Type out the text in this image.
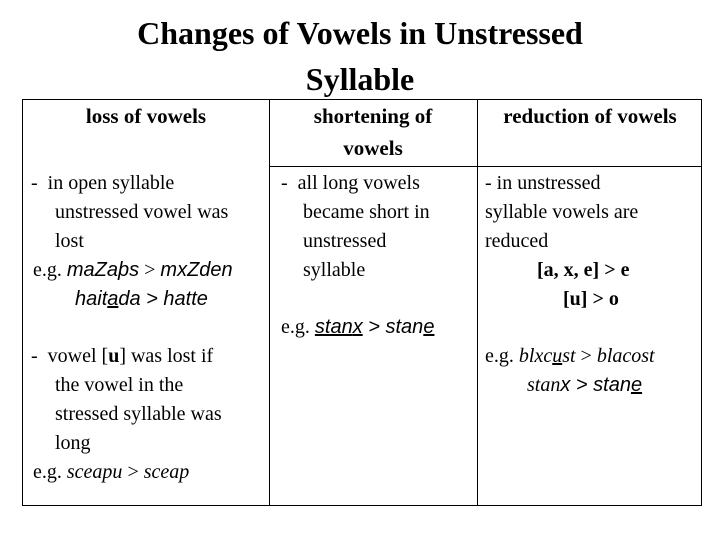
Changes of Vowels in Unstressed
Syllable
loss of vowels	shortening of
vowels
reduction of vowels
-  in open syllable
unstressed vowel was
lost
e.g. maZaþs > mxZden
haitada > hatte
-  vowel [u] was lost if
the vowel in the
stressed syllable was
long
e.g. sceapu > sceap
-  all long vowels
became short in
unstressed
syllable
e.g. stanx > stane
- in unstressed
syllable vowels are
reduced
[a, x, e] > e
[u] > o
e.g. blxcust > blacost
stanx > stane
